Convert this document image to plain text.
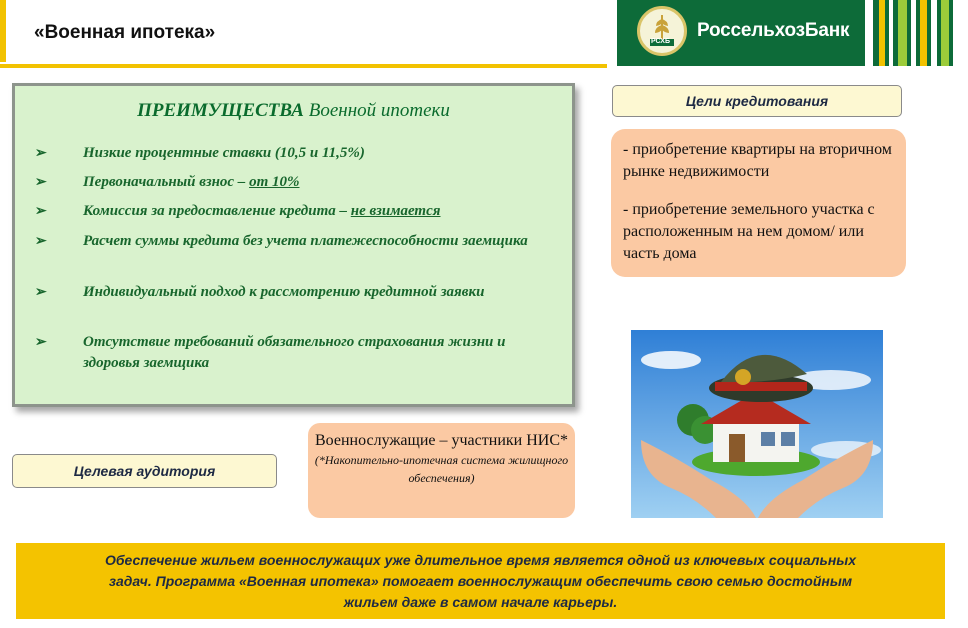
«Военная ипотека»	РСХБ
РоссельхозБанк
ПРЕИМУЩЕСТВА Военной ипотеки
➢ Низкие процентные ставки (10,5 и 11,5%)
➢ Первоначальный взнос – от 10%
➢ Комиссия за предоставление кредита – не взимается
➢ Расчет суммы кредита без учета платежеспособности заемщика
➢ Индивидуальный подход к рассмотрению кредитной заявки
➢ Отсутствие требований обязательного страхования жизни и здоровья заемщика
Цели кредитования

- приобретение квартиры на вторичном рынке недвижимости

- приобретение земельного участка с расположенным на нем домом/ или часть дома

Целевая аудитория
Военнослужащие – участники НИС*
(*Накопительно-ипотечная система жилищного обеспечения)
Обеспечение жильем военнослужащих уже длительное время является одной из ключевых социальных
задач. Программа «Военная ипотека» помогает военнослужащим обеспечить свою семью достойным
жильем даже в самом начале карьеры.
